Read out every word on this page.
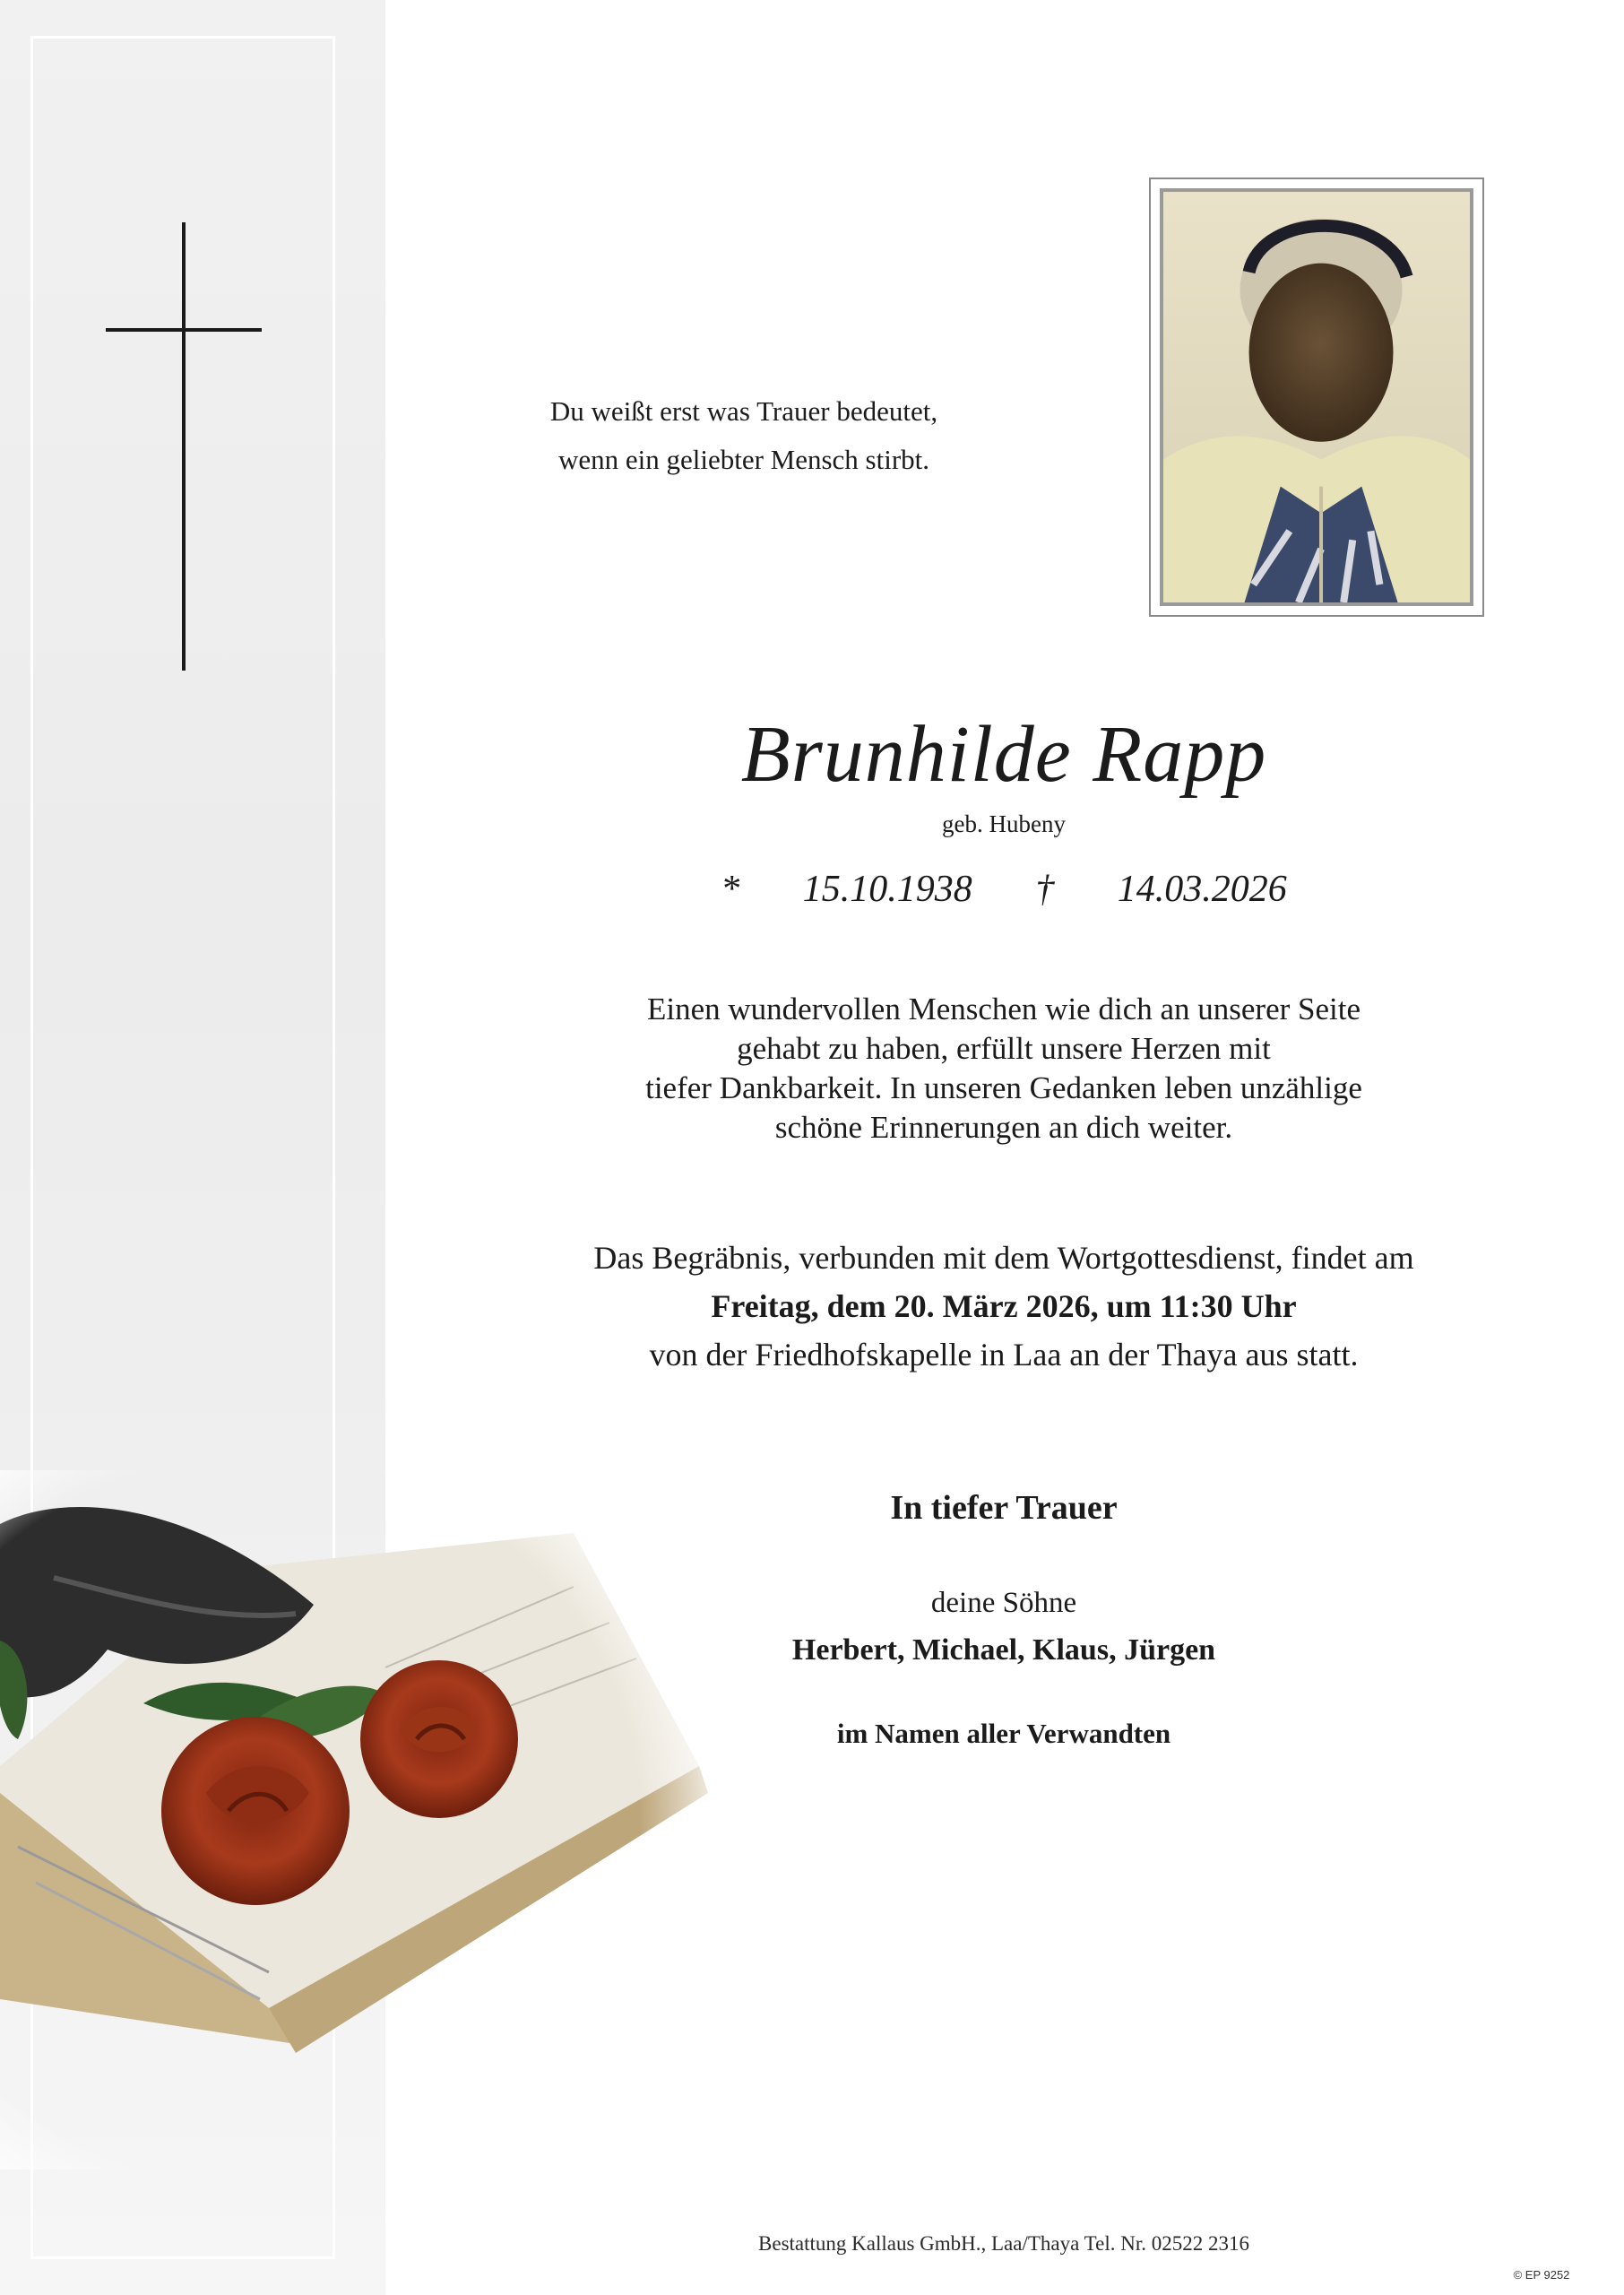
Du weißt erst was Trauer bedeutet,
wenn ein geliebter Mensch stirbt.
Brunhilde Rapp
geb. Hubeny
* 15.10.1938 † 14.03.2026
Einen wundervollen Menschen wie dich an unserer Seite
gehabt zu haben, erfüllt unsere Herzen mit
tiefer Dankbarkeit. In unseren Gedanken leben unzählige
schöne Erinnerungen an dich weiter.
Das Begräbnis, verbunden mit dem Wortgottesdienst, findet am
Freitag, dem 20. März 2026, um 11:30 Uhr
von der Friedhofskapelle in Laa an der Thaya aus statt.
In tiefer Trauer
deine Söhne
Herbert, Michael, Klaus, Jürgen
im Namen aller Verwandten
Bestattung Kallaus GmbH., Laa/Thaya Tel. Nr. 02522 2316
© EP 9252
